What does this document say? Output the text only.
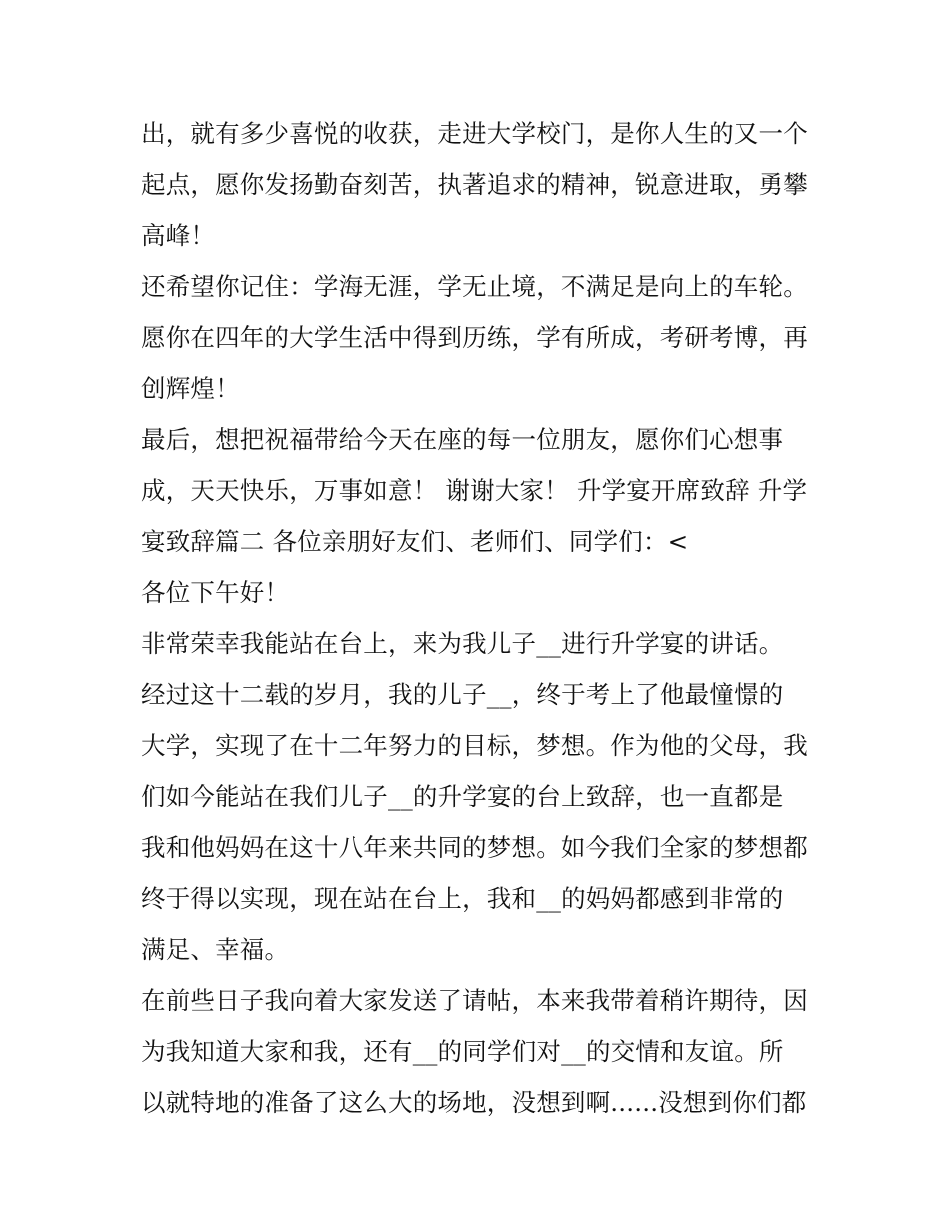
出，就有多少喜悦的收获，走进大学校门，是你人生的又一个
起点，愿你发扬勤奋刻苦，执著追求的精神，锐意进取，勇攀
高峰！
还希望你记住：学海无涯，学无止境，不满足是向上的车轮。
愿你在四年的大学生活中得到历练，学有所成，考研考博，再
创辉煌！
最后，想把祝福带给今天在座的每一位朋友，愿你们心想事
成，天天快乐，万事如意！ 谢谢大家！ 升学宴开席致辞 升学
宴致辞篇二 各位亲朋好友们、老师们、同学们：<
各位下午好！
非常荣幸我能站在台上，来为我儿子__进行升学宴的讲话。
经过这十二载的岁月，我的儿子__，终于考上了他最憧憬的
大学，实现了在十二年努力的目标，梦想。作为他的父母，我
们如今能站在我们儿子__的升学宴的台上致辞，也一直都是
我和他妈妈在这十八年来共同的梦想。如今我们全家的梦想都
终于得以实现，现在站在台上，我和__的妈妈都感到非常的
满足、幸福。
在前些日子我向着大家发送了请帖，本来我带着稍许期待，因
为我知道大家和我，还有__的同学们对__的交情和友谊。所
以就特地的准备了这么大的场地，没想到啊......没想到你们都
